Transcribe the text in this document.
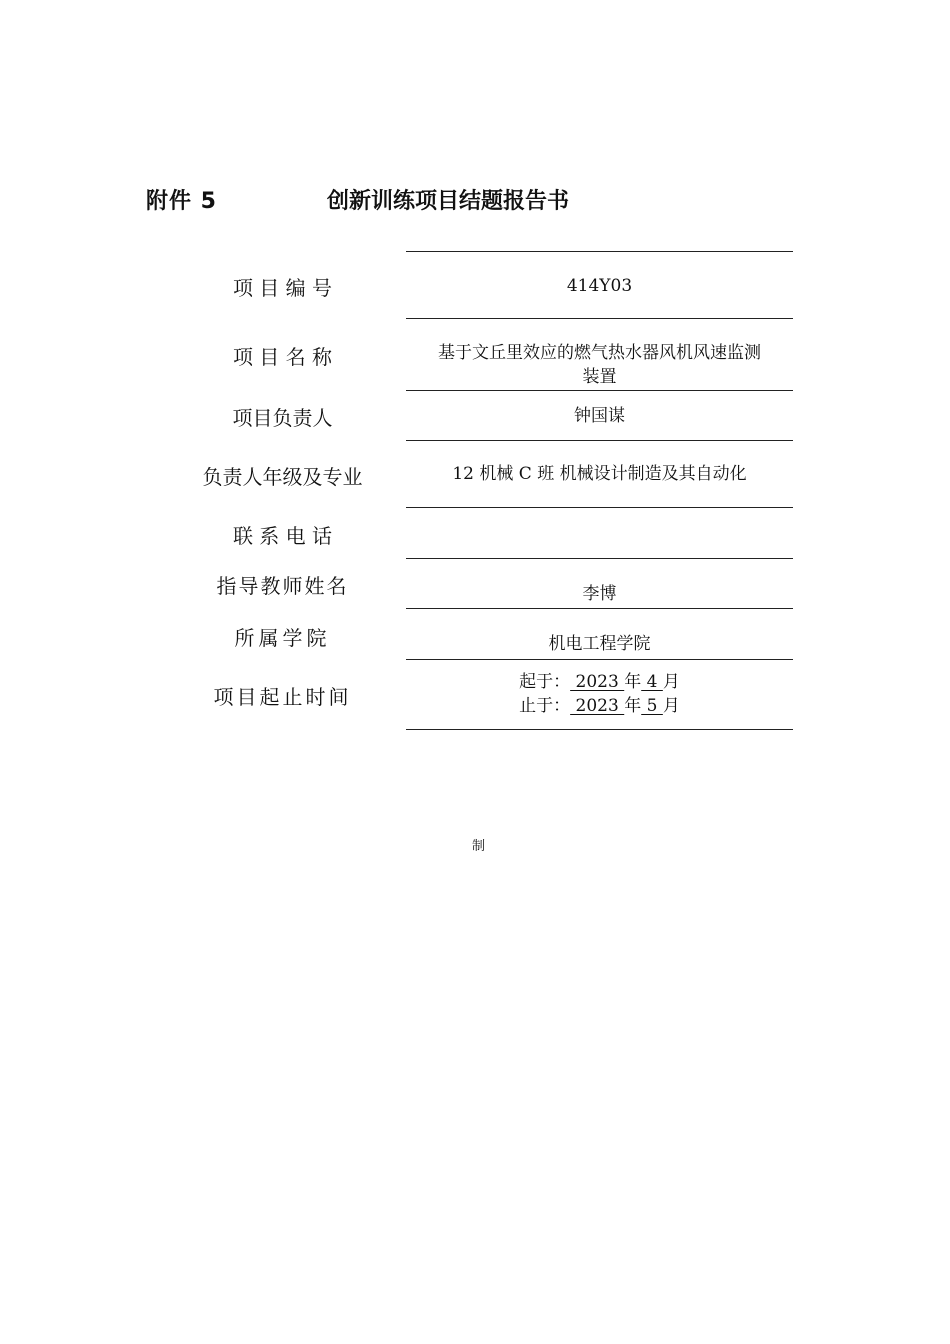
附件 5	创新训练项目结题报告书
项 目 编 号	414Y03
项 目 名 称	基于文丘里效应的燃气热水器风机风速监测
装置
项目负责人	钟国谋
负责人年级及专业	12 机械 C 班 机械设计制造及其自动化
联 系 电 话
指导教师姓名	李博
所属学院	机电工程学院
项目起止时间
起于： 2023 年 4 月
止于： 2023 年 5 月
制
